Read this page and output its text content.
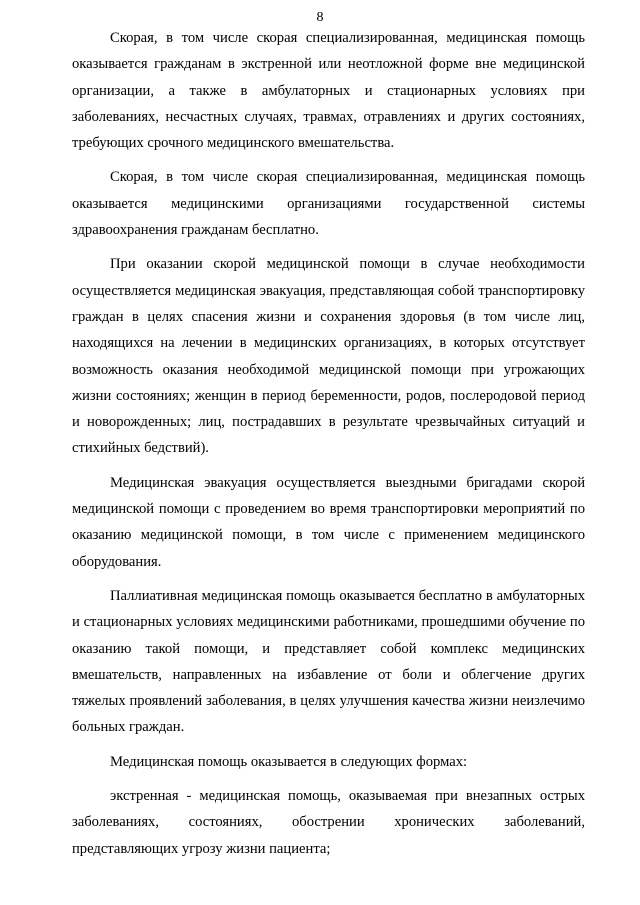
8

Скорая, в том числе скорая специализированная, медицинская помощь оказывается гражданам в экстренной или неотложной форме вне медицинской организации, а также в амбулаторных и стационарных условиях при заболеваниях, несчастных случаях, травмах, отравлениях и других состояниях, требующих срочного медицинского вмешательства.

Скорая, в том числе скорая специализированная, медицинская помощь оказывается медицинскими организациями государственной системы здравоохранения гражданам бесплатно.

При оказании скорой медицинской помощи в случае необходимости осуществляется медицинская эвакуация, представляющая собой транспортировку граждан в целях спасения жизни и сохранения здоровья (в том числе лиц, находящихся на лечении в медицинских организациях, в которых отсутствует возможность оказания необходимой медицинской помощи при угрожающих жизни состояниях; женщин в период беременности, родов, послеродовой период и новорожденных; лиц, пострадавших в результате чрезвычайных ситуаций и стихийных бедствий).

Медицинская эвакуация осуществляется выездными бригадами скорой медицинской помощи с проведением во время транспортировки мероприятий по оказанию медицинской помощи, в том числе с применением медицинского оборудования.

Паллиативная медицинская помощь оказывается бесплатно в амбулаторных и стационарных условиях медицинскими работниками, прошедшими обучение по оказанию такой помощи, и представляет собой комплекс медицинских вмешательств, направленных на избавление от боли и облегчение других тяжелых проявлений заболевания, в целях улучшения качества жизни неизлечимо больных граждан.

Медицинская помощь оказывается в следующих формах:

экстренная - медицинская помощь, оказываемая при внезапных острых заболеваниях, состояниях, обострении хронических заболеваний, представляющих угрозу жизни пациента;
